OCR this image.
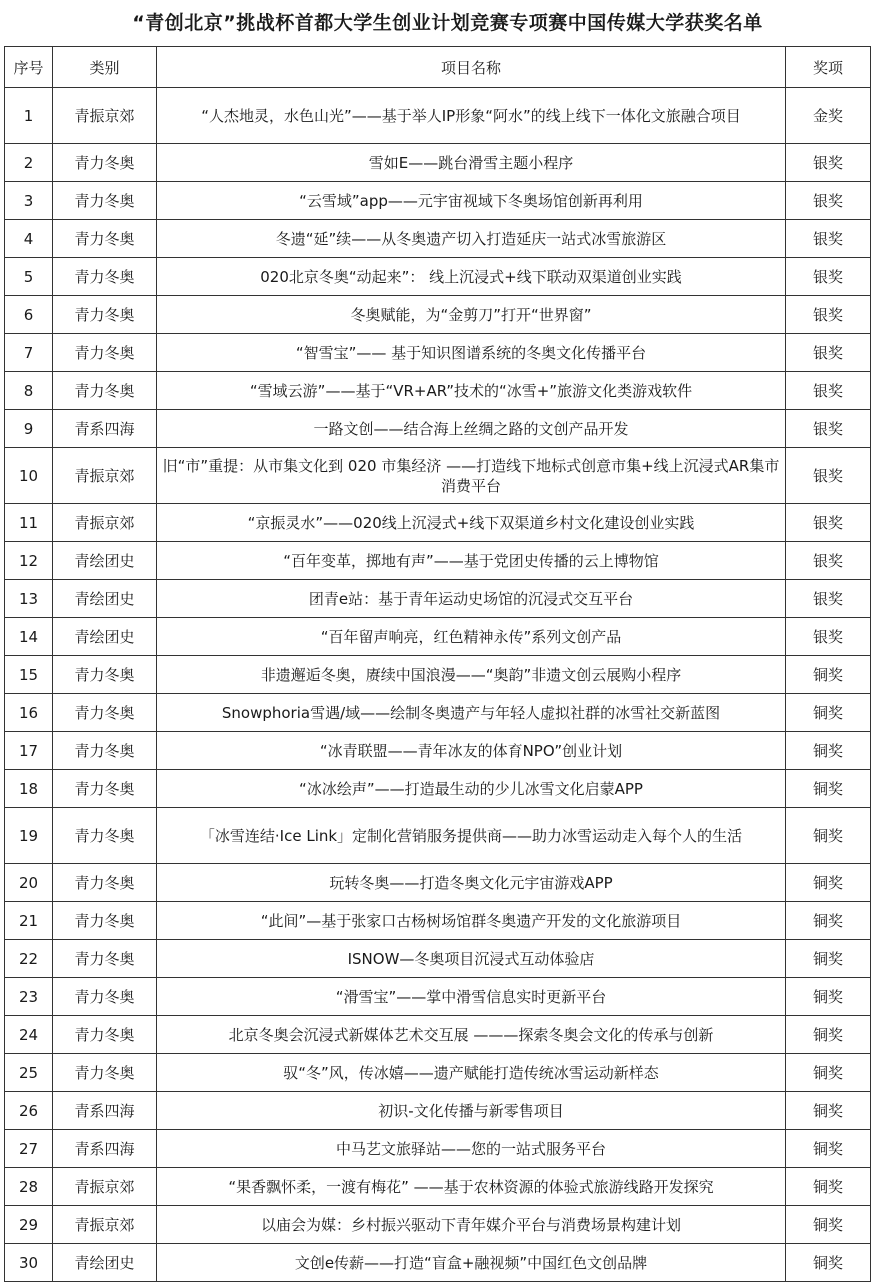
“青创北京”挑战杯首都大学生创业计划竞赛专项赛中国传媒大学获奖名单
序号	类别	项目名称	奖项
1	青振京郊	“人杰地灵，水色山光”——基于举人IP形象“阿水”的线上线下一体化文旅融合项目	金奖
2	青力冬奥	雪如E——跳台滑雪主题小程序	银奖
3	青力冬奥	“云雪域”app——元宇宙视域下冬奥场馆创新再利用	银奖
4	青力冬奥	冬遗“延”续——从冬奥遗产切入打造延庆一站式冰雪旅游区	银奖
5	青力冬奥	020北京冬奥“动起来”： 线上沉浸式+线下联动双渠道创业实践	银奖
6	青力冬奥	冬奥赋能，为“金剪刀”打开“世界窗”	银奖
7	青力冬奥	“智雪宝”—— 基于知识图谱系统的冬奥文化传播平台	银奖
8	青力冬奥	“雪域云游”——基于“VR+AR”技术的“冰雪+”旅游文化类游戏软件	银奖
9	青系四海	一路文创——结合海上丝绸之路的文创产品开发	银奖
10	青振京郊	旧“市”重提：从市集文化到 020 市集经济 ——打造线下地标式创意市集+线上沉浸式AR集市消费平台	银奖
11	青振京郊	“京振灵水”——020线上沉浸式+线下双渠道乡村文化建设创业实践	银奖
12	青绘团史	“百年变革，掷地有声”——基于党团史传播的云上博物馆	银奖
13	青绘团史	团青e站：基于青年运动史场馆的沉浸式交互平台	银奖
14	青绘团史	“百年留声响亮，红色精神永传”系列文创产品	银奖
15	青力冬奥	非遗邂逅冬奥，赓续中国浪漫——“奥韵”非遗文创云展购小程序	铜奖
16	青力冬奥	Snowphoria雪遇/域——绘制冬奥遗产与年轻人虚拟社群的冰雪社交新蓝图	铜奖
17	青力冬奥	“冰青联盟——青年冰友的体育NPO”创业计划	铜奖
18	青力冬奥	“冰冰绘声”——打造最生动的少儿冰雪文化启蒙APP	铜奖
19	青力冬奥	「冰雪连结·Ice Link」定制化营销服务提供商——助力冰雪运动走入每个人的生活	铜奖
20	青力冬奥	玩转冬奥——打造冬奥文化元宇宙游戏APP	铜奖
21	青力冬奥	“此间”—基于张家口古杨树场馆群冬奥遗产开发的文化旅游项目	铜奖
22	青力冬奥	ISNOW—冬奥项目沉浸式互动体验店	铜奖
23	青力冬奥	“滑雪宝”——掌中滑雪信息实时更新平台	铜奖
24	青力冬奥	北京冬奥会沉浸式新媒体艺术交互展 ———探索冬奥会文化的传承与创新	铜奖
25	青力冬奥	驭“冬”风，传冰嬉——遗产赋能打造传统冰雪运动新样态	铜奖
26	青系四海	初识-文化传播与新零售项目	铜奖
27	青系四海	中马艺文旅驿站——您的一站式服务平台	铜奖
28	青振京郊	“果香飘怀柔，一渡有梅花” ——基于农林资源的体验式旅游线路开发探究	铜奖
29	青振京郊	以庙会为媒：乡村振兴驱动下青年媒介平台与消费场景构建计划	铜奖
30	青绘团史	文创e传薪——打造“盲盒+融视频”中国红色文创品牌	铜奖
